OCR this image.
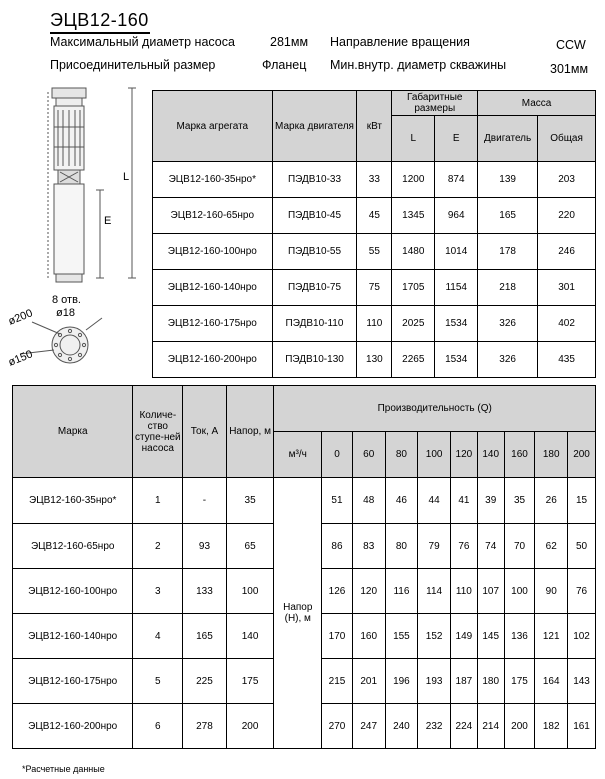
ЭЦВ12-160
Максимальный диаметр насоса	281мм Направление вращения	CCW
Присоединительный размер	Фланец Мин.внутр. диаметр скважины	301мм
L
E
8 отв.
ø18
ø200
ø150
Марка агрегата	Марка двигателя	кВт	Габаритные размеры		Масса	
			L	E	Двигатель	Общая
ЭЦВ12-160-35нро*	ПЭДВ10-33	33	1200	874	139	203
ЭЦВ12-160-65нро	ПЭДВ10-45	45	1345	964	165	220
ЭЦВ12-160-100нро	ПЭДВ10-55	55	1480	1014	178	246
ЭЦВ12-160-140нро	ПЭДВ10-75	75	1705	1154	218	301
ЭЦВ12-160-175нро	ПЭДВ10-110	110	2025	1534	326	402
ЭЦВ12-160-200нро	ПЭДВ10-130	130	2265	1534	326	435
Марка	Количе-ство ступе-ней насоса	Ток, А	Напор, м	Производительность (Q)									
				м³/ч	0	60	80	100	120	140	160	180	200
ЭЦВ12-160-35нро*	1	-	35	Напор (Н), м	51	48	46	44	41	39	35	26	15
ЭЦВ12-160-65нро	2	93	65		86	83	80	79	76	74	70	62	50
ЭЦВ12-160-100нро	3	133	100		126	120	116	114	110	107	100	90	76
ЭЦВ12-160-140нро	4	165	140		170	160	155	152	149	145	136	121	102
ЭЦВ12-160-175нро	5	225	175		215	201	196	193	187	180	175	164	143
ЭЦВ12-160-200нро	6	278	200		270	247	240	232	224	214	200	182	161
*Расчетные данные
